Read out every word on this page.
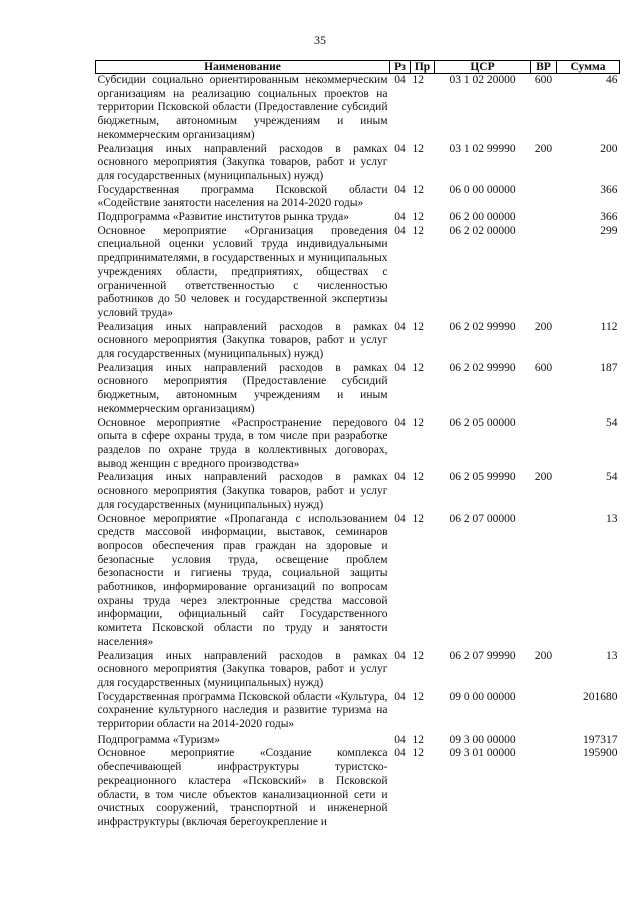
35
Наименование	Рз	Пр	ЦСР	ВР	Сумма
Субсидии социально ориентированным некоммерческим организациям на реализацию социальных проектов на территории Псковской области (Предоставление субсидий бюджетным, автономным учреждениям и иным некоммерческим организациям)	04	12	03 1 02 20000	600	46
Реализация иных направлений расходов в рамках основного мероприятия (Закупка товаров, работ и услуг для государственных (муниципальных) нужд)	04	12	03 1 02 99990	200	200
Государственная программа Псковской области «Содействие занятости населения на 2014-2020 годы»	04	12	06 0 00 00000		366
Подпрограмма «Развитие институтов рынка труда»	04	12	06 2 00 00000		366
Основное мероприятие «Организация проведения специальной оценки условий труда индивидуальными предпринимателями, в государственных и муниципальных учреждениях области, предприятиях, обществах с ограниченной ответственностью с численностью работников до 50 человек и государственной экспертизы условий труда»	04	12	06 2 02 00000		299
Реализация иных направлений расходов в рамках основного мероприятия (Закупка товаров, работ и услуг для государственных (муниципальных) нужд)	04	12	06 2 02 99990	200	112
Реализация иных направлений расходов в рамках основного мероприятия (Предоставление субсидий бюджетным, автономным учреждениям и иным некоммерческим организациям)	04	12	06 2 02 99990	600	187
Основное мероприятие «Распространение передового опыта в сфере охраны труда, в том числе при разработке разделов по охране труда в коллективных договорах, вывод женщин с вредного производства»	04	12	06 2 05 00000		54
Реализация иных направлений расходов в рамках основного мероприятия (Закупка товаров, работ и услуг для государственных (муниципальных) нужд)	04	12	06 2 05 99990	200	54
Основное мероприятие «Пропаганда с использованием средств массовой информации, выставок, семинаров вопросов обеспечения прав граждан на здоровые и безопасные условия труда, освещение проблем безопасности и гигиены труда, социальной защиты работников, информирование организаций по вопросам охраны труда через электронные средства массовой информации, официальный сайт Государственного комитета Псковской области по труду и занятости населения»	04	12	06 2 07 00000		13
Реализация иных направлений расходов в рамках основного мероприятия (Закупка товаров, работ и услуг для государственных (муниципальных) нужд)	04	12	06 2 07 99990	200	13
Государственная программа Псковской области «Культура, сохранение культурного наследия и развитие туризма на территории области на 2014-2020 годы»	04	12	09 0 00 00000		201680
Подпрограмма «Туризм»	04	12	09 3 00 00000		197317
Основное мероприятие «Создание комплекса обеспечивающей инфраструктуры туристско-рекреационного кластера «Псковский» в Псковской области, в том числе объектов канализационной сети и очистных сооружений, транспортной и инженерной инфраструктуры (включая берегоукрепление и	04	12	09 3 01 00000		195900
